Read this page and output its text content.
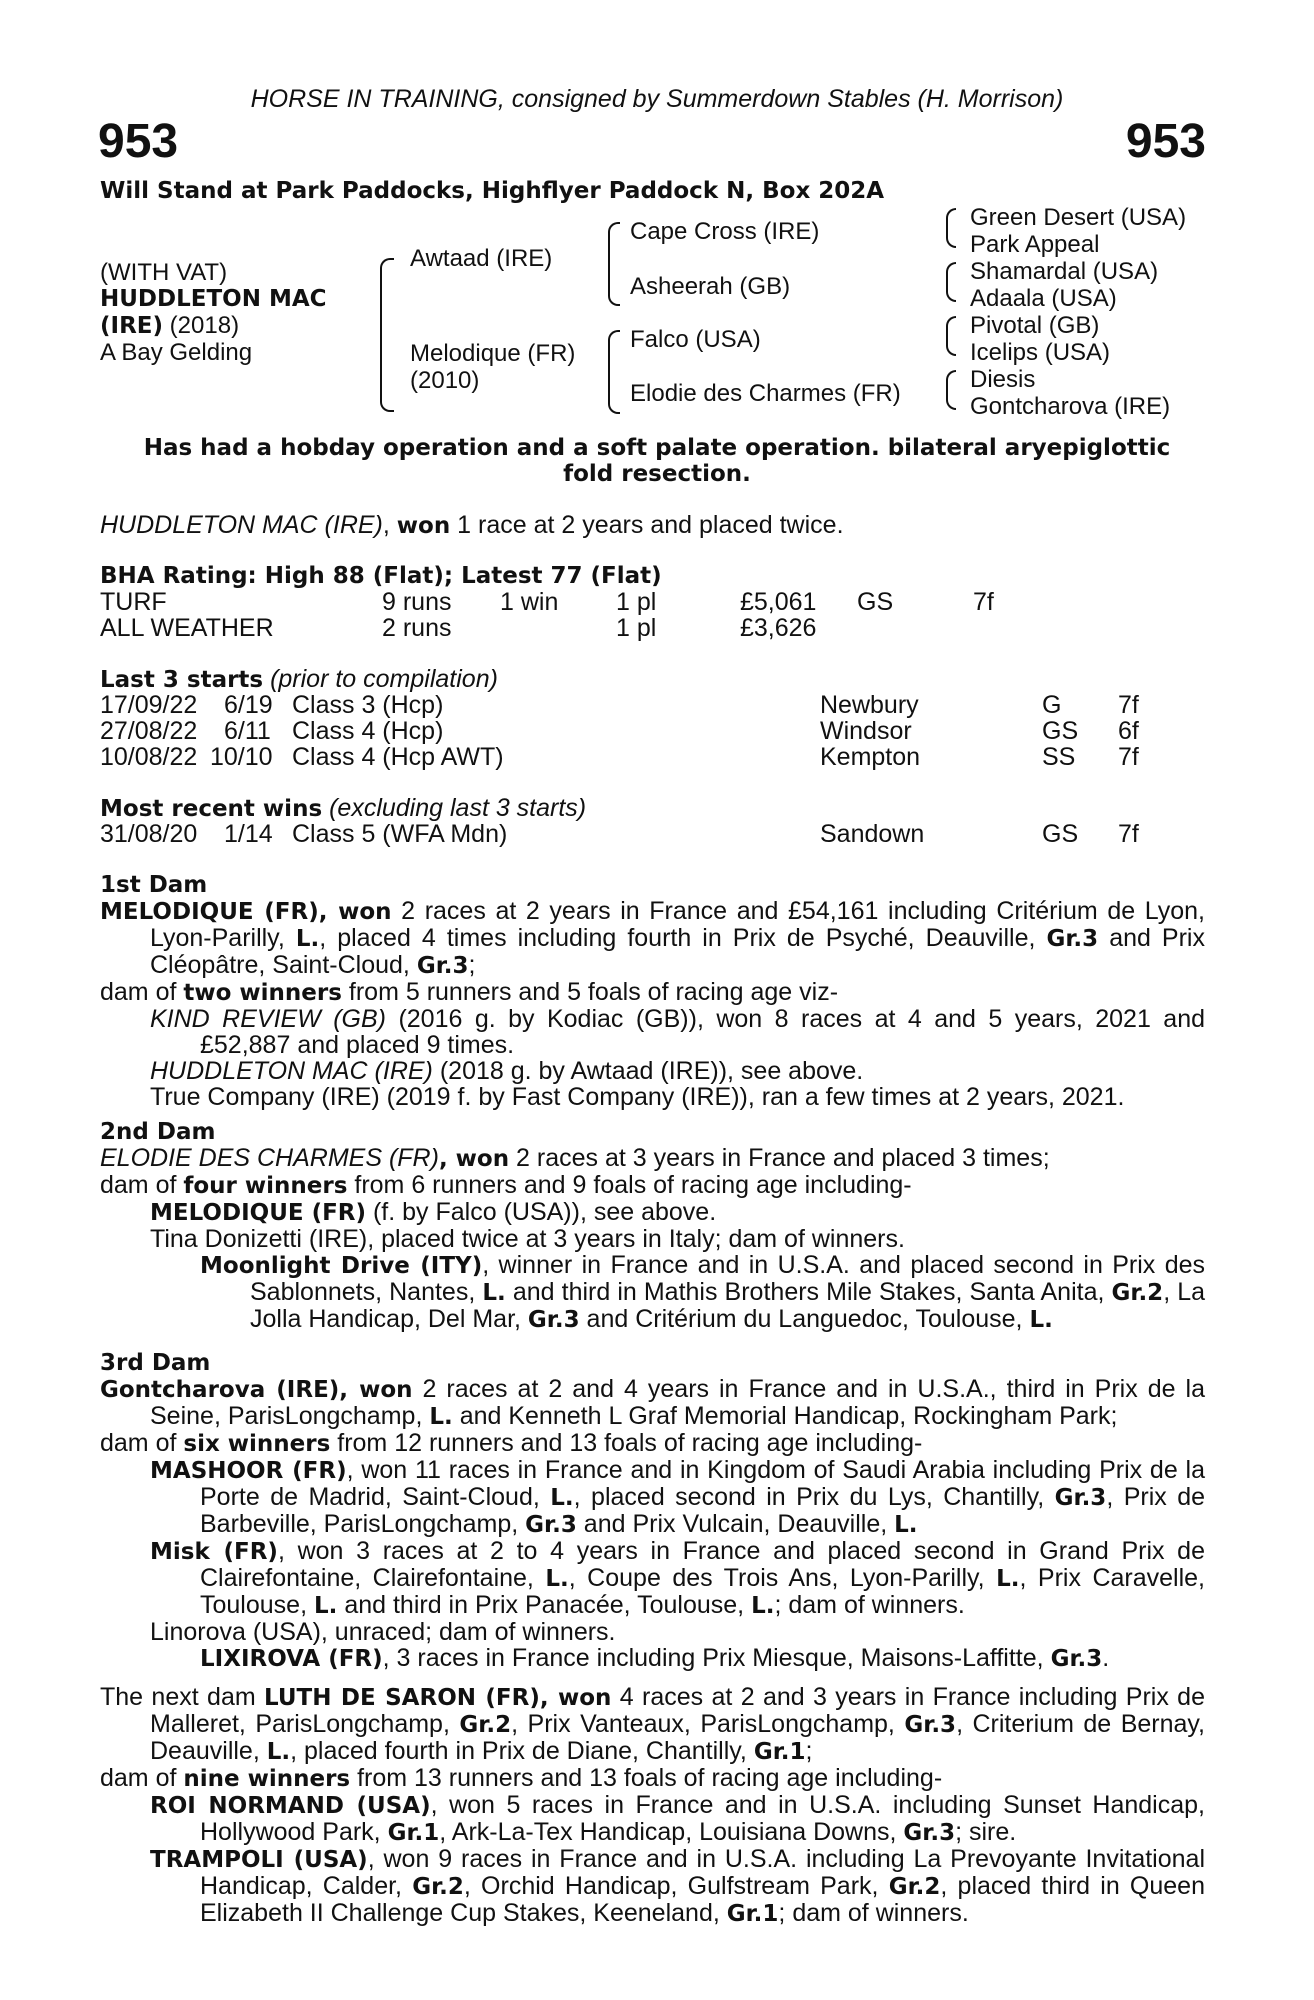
HORSE IN TRAINING, consigned by Summerdown Stables (H. Morrison)
953	953
Will Stand at Park Paddocks, Highflyer Paddock N, Box 202A
(WITH VAT)
HUDDLETON MAC
(IRE) (2018)
A Bay Gelding
Awtaad (IRE)
Melodique (FR)
(2010)
Cape Cross (IRE)
Asheerah (GB)
Falco (USA)
Elodie des Charmes (FR)
Green Desert (USA)
Park Appeal
Shamardal (USA)
Adaala (USA)
Pivotal (GB)
Icelips (USA)
Diesis
Gontcharova (IRE)
Has had a hobday operation and a soft palate operation. bilateral aryepiglottic
fold resection.
HUDDLETON MAC (IRE), won 1 race at 2 years and placed twice.
BHA Rating: High 88 (Flat); Latest 77 (Flat)
TURF	9 runs 1 win 1 pl	£5,061 GS	7f
ALL WEATHER	2 runs	1 pl	£3,626
Last 3 starts (prior to compilation)
17/09/22 6/19 Class 3 (Hcp)	Newbury	G 7f
27/08/22 6/11 Class 4 (Hcp)	Windsor	GS 6f
10/08/22 10/10 Class 4 (Hcp AWT)	Kempton	SS 7f
Most recent wins (excluding last 3 starts)
31/08/20 1/14 Class 5 (WFA Mdn)	Sandown	GS 7f

1st Dam

MELODIQUE (FR), won 2 races at 2 years in France and £54,161 including Critérium de Lyon, Lyon-Parilly, L., placed 4 times including fourth in Prix de Psyché, Deauville, Gr.3 and Prix Cléopâtre, Saint-Cloud, Gr.3;

dam of two winners from 5 runners and 5 foals of racing age viz-

KIND REVIEW (GB) (2016 g. by Kodiac (GB)), won 8 races at 4 and 5 years, 2021 and £52,887 and placed 9 times.

HUDDLETON MAC (IRE) (2018 g. by Awtaad (IRE)), see above.

True Company (IRE) (2019 f. by Fast Company (IRE)), ran a few times at 2 years, 2021.

2nd Dam

ELODIE DES CHARMES (FR), won 2 races at 3 years in France and placed 3 times;

dam of four winners from 6 runners and 9 foals of racing age including-

MELODIQUE (FR) (f. by Falco (USA)), see above.

Tina Donizetti (IRE), placed twice at 3 years in Italy; dam of winners.

Moonlight Drive (ITY), winner in France and in U.S.A. and placed second in Prix des Sablonnets, Nantes, L. and third in Mathis Brothers Mile Stakes, Santa Anita, Gr.2, La Jolla Handicap, Del Mar, Gr.3 and Critérium du Languedoc, Toulouse, L.

3rd Dam

Gontcharova (IRE), won 2 races at 2 and 4 years in France and in U.S.A., third in Prix de la Seine, ParisLongchamp, L. and Kenneth L Graf Memorial Handicap, Rockingham Park;

dam of six winners from 12 runners and 13 foals of racing age including-

MASHOOR (FR), won 11 races in France and in Kingdom of Saudi Arabia including Prix de la Porte de Madrid, Saint-Cloud, L., placed second in Prix du Lys, Chantilly, Gr.3, Prix de Barbeville, ParisLongchamp, Gr.3 and Prix Vulcain, Deauville, L.

Misk (FR), won 3 races at 2 to 4 years in France and placed second in Grand Prix de Clairefontaine, Clairefontaine, L., Coupe des Trois Ans, Lyon-Parilly, L., Prix Caravelle, Toulouse, L. and third in Prix Panacée, Toulouse, L.; dam of winners.

Linorova (USA), unraced; dam of winners.

LIXIROVA (FR), 3 races in France including Prix Miesque, Maisons-Laffitte, Gr.3.

The next dam LUTH DE SARON (FR), won 4 races at 2 and 3 years in France including Prix de Malleret, ParisLongchamp, Gr.2, Prix Vanteaux, ParisLongchamp, Gr.3, Criterium de Bernay, Deauville, L., placed fourth in Prix de Diane, Chantilly, Gr.1;

dam of nine winners from 13 runners and 13 foals of racing age including-

ROI NORMAND (USA), won 5 races in France and in U.S.A. including Sunset Handicap, Hollywood Park, Gr.1, Ark-La-Tex Handicap, Louisiana Downs, Gr.3; sire.

TRAMPOLI (USA), won 9 races in France and in U.S.A. including La Prevoyante Invitational Handicap, Calder, Gr.2, Orchid Handicap, Gulfstream Park, Gr.2, placed third in Queen Elizabeth II Challenge Cup Stakes, Keeneland, Gr.1; dam of winners.
